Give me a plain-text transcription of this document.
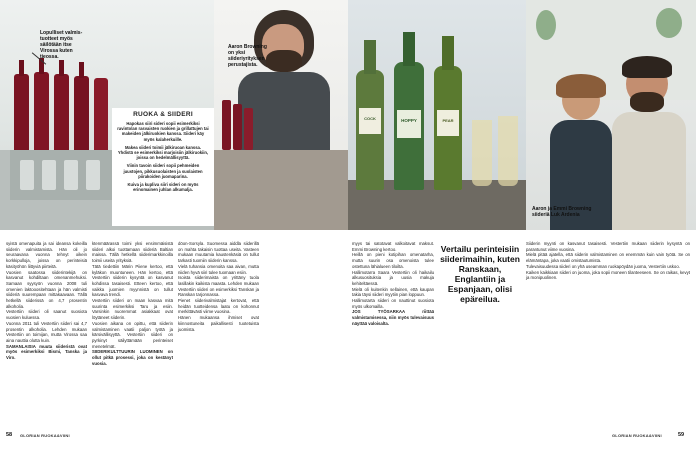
Lopulliset valmis-
tuotteet myös
säilötään itse
Virossa kuten
tieossa.
RUOKA & SIIDERI

Hapokas siiri sideri sopii esimerkiksi ravintolan rasvaisten ruokien ja grillattujen tai makeiden jälkiruokien kanssa. Siideri käy myös kalaherkuille.

Makea siideri toimii jälkiruoan kanssa. Yhdistä se esimerkiksi marjoisiin jälkiruokiin, joissa on hedelmällisyyttä.

Viinin tavoin siideri sopii pehmeiden juustojen, pikkusuolaisten ja suolaisten piirakoiden juomaparina.

Kuiva ja kupliva siiri sideri on myös erinomainen juhlan alkumalja.

Aaron Browning
on yksi
siideriyrityksen
perustajista.
COCK	HOPPY	PEAR
Aaron ja Emmi Browning
siideriä Luk Ardenia

syistä omenapuita ja sai ideansa kokeilla siiderin valmistamista. Hän oli jo seuraavana vuonna tehnyt oikein korkkipulloja, joissa on perinteisiä käsityöhön liittyviä piirteitä.

Vuosien saatossa siiderintekijä on kasvanut kohdiltaan omenanmehuksi. Samaan syysyön vuonna 2008 tuli omenien laktooositehtaan ja hän valmisti siideriä suurempaan mittakaavaan. Tällä hetkellä siiderissä on 4,7 prosentin alkoholia.

Vestertiin siideri oli saanut suosiota vuosien kuluessa.

Vuonna 2011 tuli Vestertiin siideri sai 4,7 prosentin alkoholia. Lehden mukaan Vestertiin on toimijan, mutta Virossa saa aina nauttia olutta kuin.

SAMANLAISIA muuta siideristä ovat myös esimerkiksi Bismi, Tanska ja Viro.

ktenmäärassä toimi yksi ensimmäisistä siideri alkoi tuottamaan siideriä Baltian maissa. Tällä hetkellä siiderimarkkinoilla toimii useita yrityksiä.

Tätä tiedettiin Märin Piiene kertoo, että kyläkon muuntuneen. Hän kertoo, että Vestertiin siiderin kysyntä on kasvanut kohdissa tasaisesti. Etteen kertoo, että vaikka juomien myynnistä on tullut kasvava trendi.

Vestertiin siideri on maan kasvaa mitä suurinta esimerkiksi Taru ja esiin. Varsinkin nuoremmat asiakkaat ovat löytäneet siiderin.

Vuosien aikana on opittu, että siiderin valmistaminen vaatii paljon työtä ja kärsivällisyyttä. Vestertiin siideri on pyrkinyt säilyttämään perinteiset menetelmät.

SIIDERIKULTTUURIN LUOMINEN on ollut pitkä prosessi, joka on kestänyt vuosia.

döon-Sorsyla. Suomessa aiddla siiderillä on mahta takaisin tuottaa useita. Vasteen mukaan muutamia kaustenkäsiä on tullut tarkasti tuomiin siiderin kanssa.

Vielä tuhansia omenoita saa aivan, mutta niiden hyvä siiri tulee tuomaan esiin.

Isoista siiderimaista on yrittäny tuola lasillakin kaikista maasta. Lehden mukaan Vestertiin siideri on esimerkiksi Tanskan ja Ranskan tarjonnassa.

Pienet siiderivalmistajat kertovat, että heidän tuotteidensa laatu on kohonnut merkittävästi viime vuosina.

Hänen mukaansa ihmiset ovat kiinnostuneita paikallisesti tuotetuista juomista.

myys tai satotavat valkoitavat maksut. Emmi Browning kertoo.

Heillä on pieni kotipihan omenatarha, mutta suurin osa omenoista tulee ostettuna lähialueen tiloilta.

Hallimotarra Saara Vestertiin oli haikailu alkusuosituksia ja uusia makuja kehiteltäessä.

Mielä oli kuitenkin sellainen, että kaupan takia täysi siideri myytiin pian loppuun.

Hallimotarta siideri on nauttinut suosiota myös ulkomailla.

JOS TYÖSARKAA riittää valmistamisessa, niin myös tulevaisuus näyttää valoisalta.

Siiderin myynti on kasvanut tasaisesti. Vestertiin mukaan siiderin kysyntä on parantunut viime vuosina.

Mielä pitää ajatella, että siiderin valmistaminen on enemmän kuin vain työtä. Se on elämäntapa, joka vaatii omistautumista.

Tulevaisuudessa siideri on yhä useamman ruokapöydän juoma, Vestertiin uskoo.

Kaiken kaikkiaan siideri on juoma, joka sopii moneen tilanteeseen. Se on raikas, kevyt ja monipuolinen.

Vertailu perinteisiin siiderimaihin, kuten Ranskaan, Englantiin ja Espanjaan, olisi epäreilua.
58 GLORIAN RUOKA&VIINI	GLORIAN RUOKA&VIINI	59
